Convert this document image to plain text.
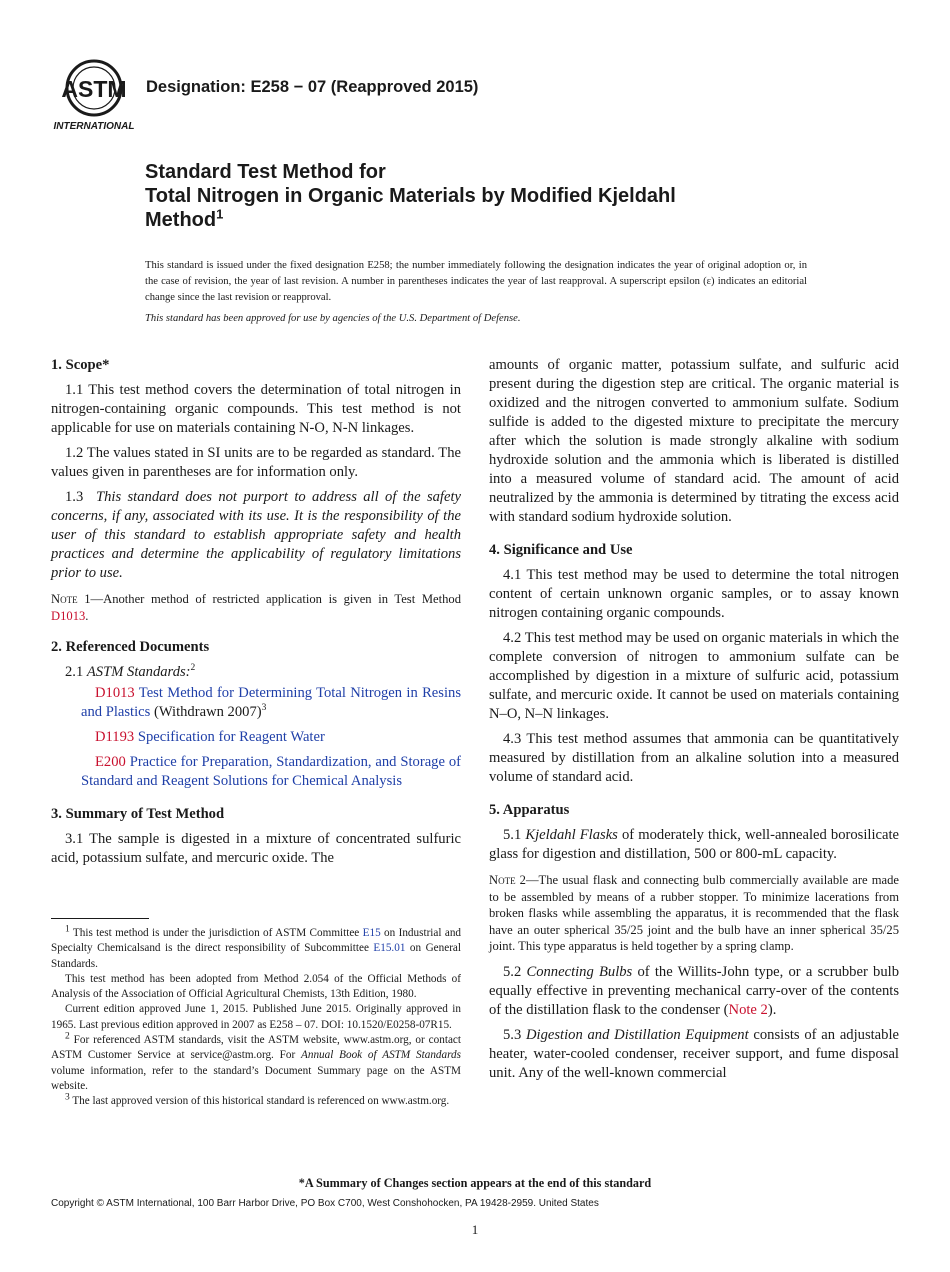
ASTM
INTERNATIONAL
Designation: E258 − 07 (Reapproved 2015)
Standard Test Method for
Total Nitrogen in Organic Materials by Modified Kjeldahl
Method$^1$
This standard is issued under the fixed designation E258; the number immediately following the designation indicates the year of original adoption or, in the case of revision, the year of last revision. A number in parentheses indicates the year of last reapproval. A superscript epsilon (ε) indicates an editorial change since the last revision or reapproval.
This standard has been approved for use by agencies of the U.S. Department of Defense.
1. Scope*

1.1 This test method covers the determination of total nitrogen in nitrogen-containing organic compounds. This test method is not applicable for use on materials containing N-O, N-N linkages.

1.2 The values stated in SI units are to be regarded as standard. The values given in parentheses are for information only.

1.3 This standard does not purport to address all of the safety concerns, if any, associated with its use. It is the responsibility of the user of this standard to establish appropriate safety and health practices and determine the applicability of regulatory limitations prior to use.

Note 1—Another method of restricted application is given in Test Method D1013.
2. Referenced Documents

2.1 ASTM Standards:$^2$

D1013 Test Method for Determining Total Nitrogen in Resins and Plastics (Withdrawn 2007)$^3$

D1193 Specification for Reagent Water

E200 Practice for Preparation, Standardization, and Storage of Standard and Reagent Solutions for Chemical Analysis

3. Summary of Test Method

3.1 The sample is digested in a mixture of concentrated sulfuric acid, potassium sulfate, and mercuric oxide. The

$^1$ This test method is under the jurisdiction of ASTM Committee E15 on Industrial and Specialty Chemicalsand is the direct responsibility of Subcommittee E15.01 on General Standards.

This test method has been adopted from Method 2.054 of the Official Methods of Analysis of the Association of Official Agricultural Chemists, 13th Edition, 1980.

Current edition approved June 1, 2015. Published June 2015. Originally approved in 1965. Last previous edition approved in 2007 as E258 – 07. DOI: 10.1520/E0258-07R15.

$^2$ For referenced ASTM standards, visit the ASTM website, www.astm.org, or contact ASTM Customer Service at service@astm.org. For Annual Book of ASTM Standards volume information, refer to the standard’s Document Summary page on the ASTM website.

$^3$ The last approved version of this historical standard is referenced on www.astm.org.

amounts of organic matter, potassium sulfate, and sulfuric acid present during the digestion step are critical. The organic material is oxidized and the nitrogen converted to ammonium sulfate. Sodium sulfide is added to the digested mixture to precipitate the mercury after which the solution is made strongly alkaline with sodium hydroxide solution and the ammonia which is liberated is distilled into a measured volume of standard acid. The amount of acid neutralized by the ammonia is determined by titrating the excess acid with standard sodium hydroxide solution.

4. Significance and Use

4.1 This test method may be used to determine the total nitrogen content of certain unknown organic samples, or to assay known nitrogen containing organic compounds.

4.2 This test method may be used on organic materials in which the complete conversion of nitrogen to ammonium sulfate can be accomplished by digestion in a mixture of sulfuric acid, potassium sulfate, and mercuric oxide. It cannot be used on materials containing N–O, N–N linkages.

4.3 This test method assumes that ammonia can be quantitatively measured by distillation from an alkaline solution into a measured volume of standard acid.

5. Apparatus

5.1 Kjeldahl Flasks of moderately thick, well-annealed borosilicate glass for digestion and distillation, 500 or 800-mL capacity.

Note 2—The usual flask and connecting bulb commercially available are made to be assembled by means of a rubber stopper. To minimize lacerations from broken flasks while assembling the apparatus, it is recommended that the flask have an outer spherical 35/25 joint and the bulb have an inner spherical 35/25 joint. This type apparatus is held together by a spring clamp.

5.2 Connecting Bulbs of the Willits-John type, or a scrubber bulb equally effective in preventing mechanical carry-over of the contents of the distillation flask to the condenser (Note 2).

5.3 Digestion and Distillation Equipment consists of an adjustable heater, water-cooled condenser, receiver support, and fume disposal unit. Any of the well-known commercial

*A Summary of Changes section appears at the end of this standard
Copyright © ASTM International, 100 Barr Harbor Drive, PO Box C700, West Conshohocken, PA 19428-2959. United States
1
